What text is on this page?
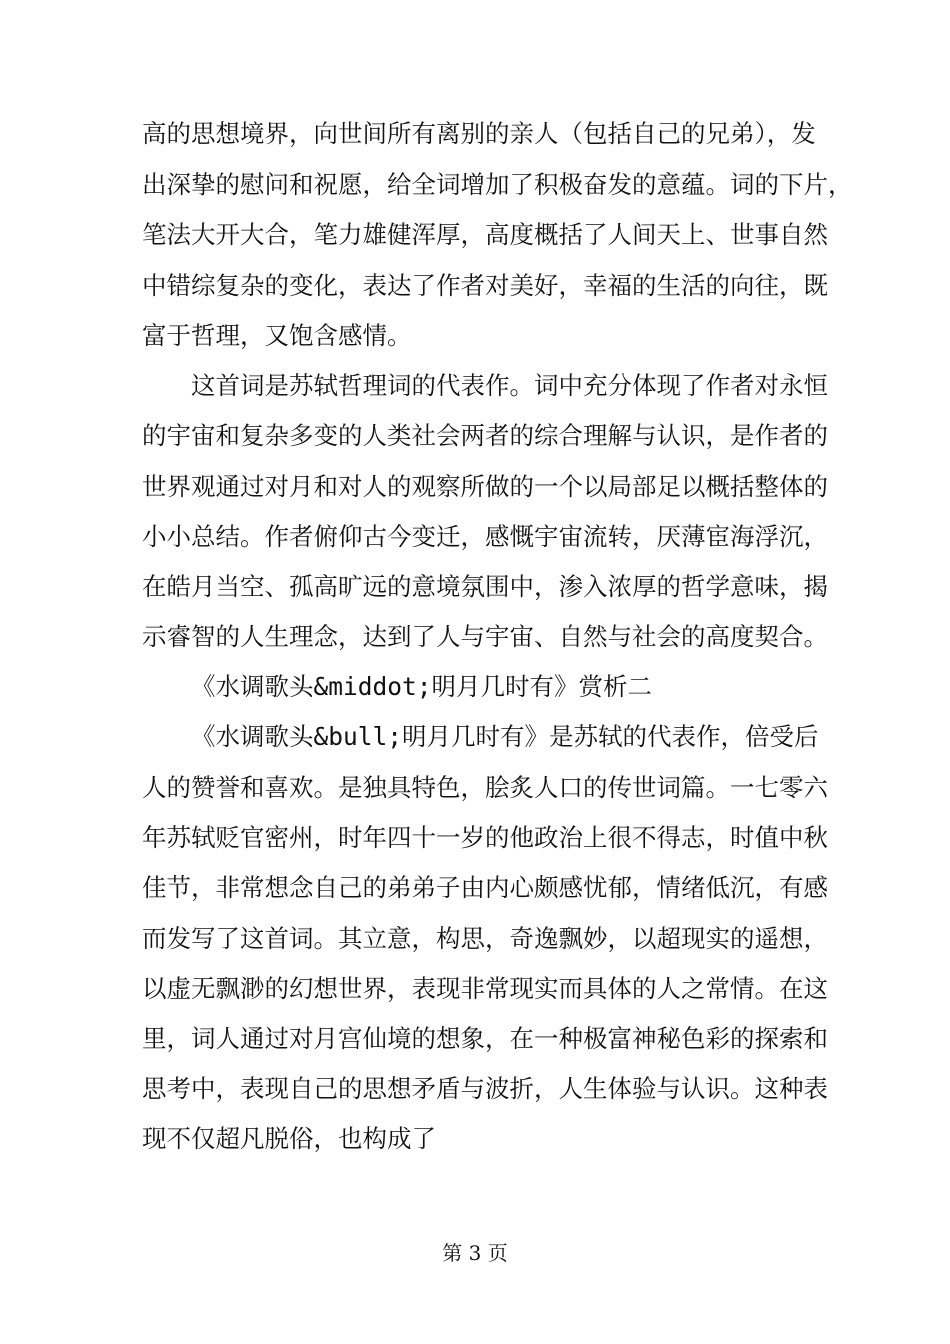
高的思想境界，向世间所有离别的亲人（包括自己的兄弟），发
出深挚的慰问和祝愿，给全词增加了积极奋发的意蕴。词的下片，
笔法大开大合，笔力雄健浑厚，高度概括了人间天上、世事自然
中错综复杂的变化，表达了作者对美好，幸福的生活的向往，既
富于哲理，又饱含感情。
这首词是苏轼哲理词的代表作。词中充分体现了作者对永恒
的宇宙和复杂多变的人类社会两者的综合理解与认识，是作者的
世界观通过对月和对人的观察所做的一个以局部足以概括整体的
小小总结。作者俯仰古今变迁，感慨宇宙流转，厌薄宦海浮沉，
在皓月当空、孤高旷远的意境氛围中，渗入浓厚的哲学意味，揭
示睿智的人生理念，达到了人与宇宙、自然与社会的高度契合。
《水调歌头&middot;明月几时有》赏析二
《水调歌头&bull;明月几时有》是苏轼的代表作，倍受后
人的赞誉和喜欢。是独具特色，脍炙人口的传世词篇。一七零六
年苏轼贬官密州，时年四十一岁的他政治上很不得志，时值中秋
佳节，非常想念自己的弟弟子由内心颇感忧郁，情绪低沉，有感
而发写了这首词。其立意，构思，奇逸飘妙，以超现实的遥想，
以虚无飘渺的幻想世界，表现非常现实而具体的人之常情。在这
里，词人通过对月宫仙境的想象，在一种极富神秘色彩的探索和
思考中，表现自己的思想矛盾与波折，人生体验与认识。这种表
现不仅超凡脱俗，也构成了
第 3 页
